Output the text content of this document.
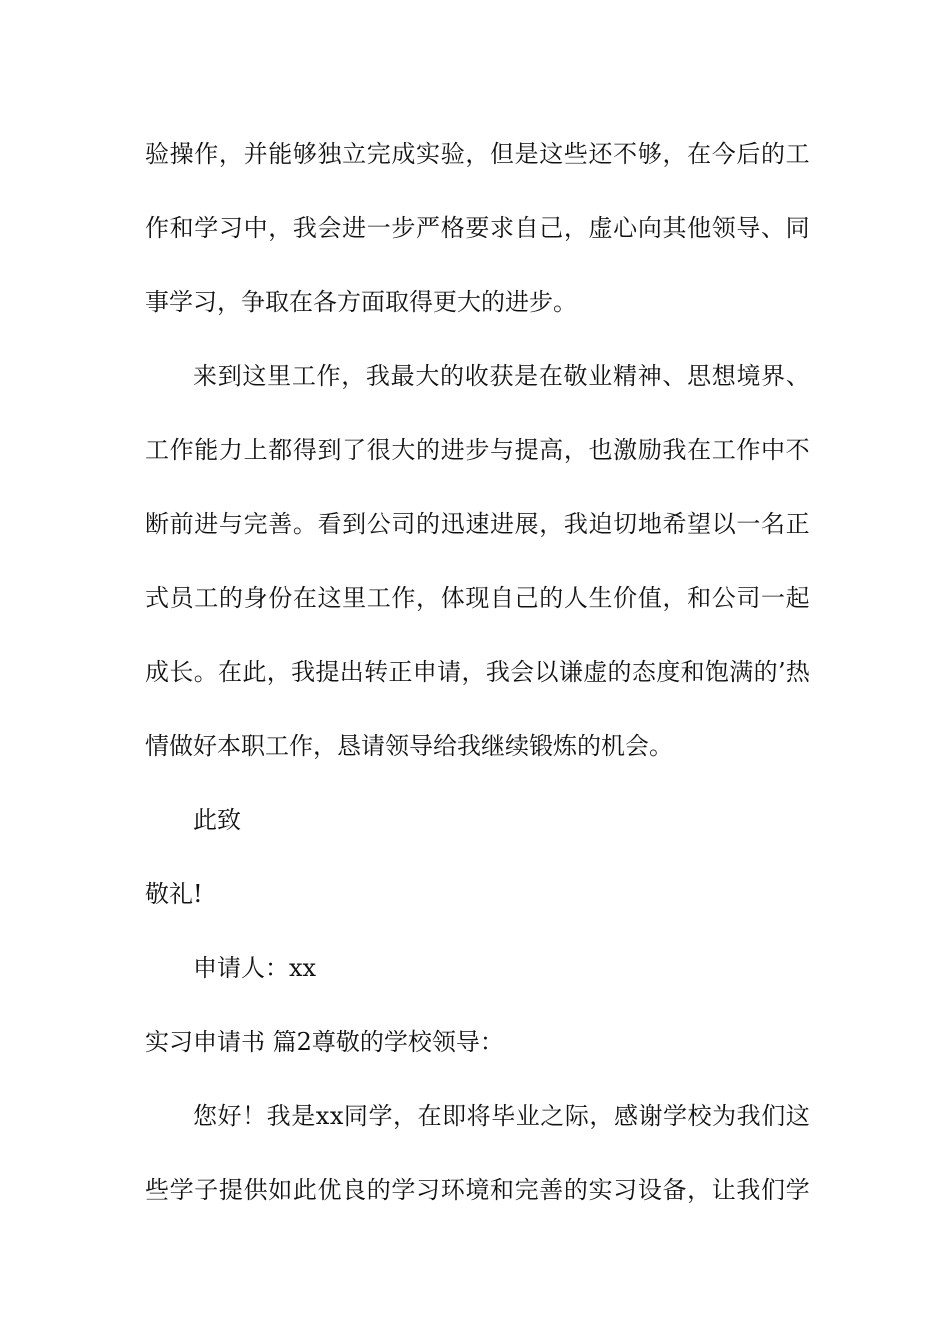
验 操 作 ， 并 能 够 独 立 完 成 实 验 ， 但 是 这 些 还 不 够 ， 在 今 后 的 工
作 和 学 习 中 ， 我 会 进 一 步 严 格 要 求 自 己 ， 虚 心 向 其 他 领 导 、 同
事学习，争取在各方面取得更大的进步。
来 到 这 里 工 作 ， 我 最 大 的 收 获 是 在 敬 业 精 神 、 思 想 境 界 、
工 作 能 力 上 都 得 到 了 很 大 的 进 步 与 提 高 ， 也 激 励 我 在 工 作 中 不
断 前 进 与 完 善 。 看 到 公 司 的 迅 速 进 展 ， 我 迫 切 地 希 望 以 一 名 正
式 员 工 的 身 份 在 这 里 工 作 ， 体 现 自 己 的 人 生 价 值 ， 和 公 司 一 起
成 长 。 在 此 ， 我 提 出 转 正 申 请 ， 我 会 以 谦 虚 的 态 度 和 饱 满 的 ’ 热
情做好本职工作，恳请领导给我继续锻炼的机会。
此致
敬礼!
申请人：xx
实习申请书 篇2尊敬的学校领导：
您 好 ！ 我 是 x x 同 学 ， 在 即 将 毕 业 之 际 ， 感 谢 学 校 为 我 们 这
些 学 子 提 供 如 此 优 良 的 学 习 环 境 和 完 善 的 实 习 设 备 ， 让 我 们 学
